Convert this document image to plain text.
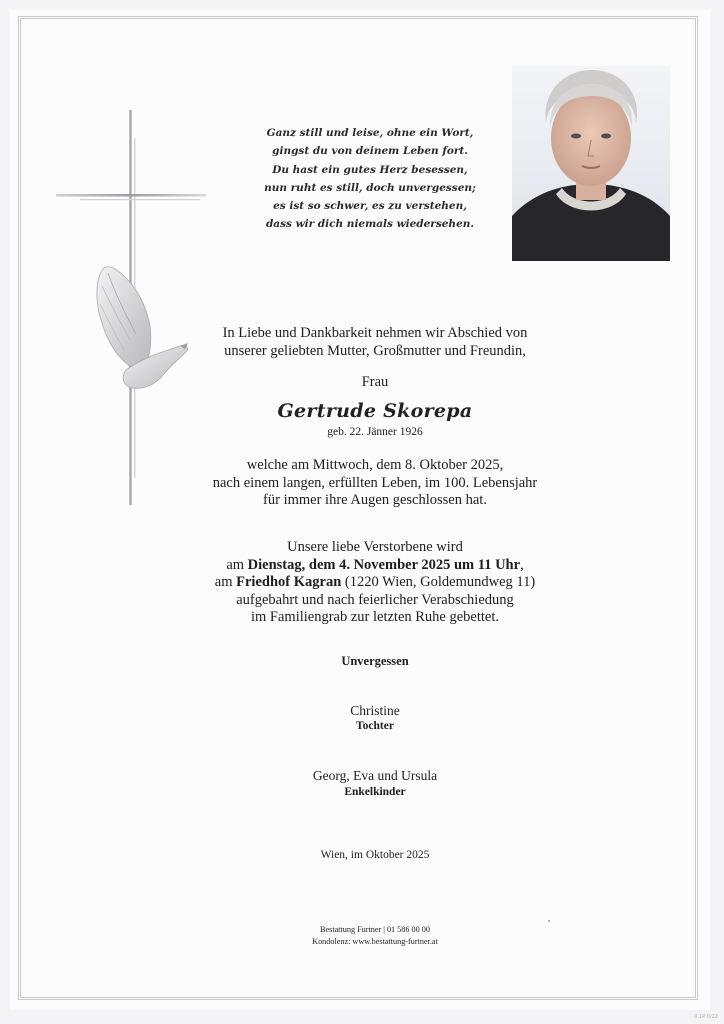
Ganz still und leise, ohne ein Wort,
gingst du von deinem Leben fort.
Du hast ein gutes Herz besessen,
nun ruht es still, doch unvergessen;
es ist so schwer, es zu verstehen,
dass wir dich niemals wiedersehen.
In Liebe und Dankbarkeit nehmen wir Abschied von
unserer geliebten Mutter, Großmutter und Freundin,
Frau
Gertrude Skorepa
geb. 22. Jänner 1926
welche am Mittwoch, dem 8. Oktober 2025,
nach einem langen, erfüllten Leben, im 100. Lebensjahr
für immer ihre Augen geschlossen hat.
Unsere liebe Verstorbene wird
am Dienstag, dem 4. November 2025 um 11 Uhr,
am Friedhof Kagran (1220 Wien, Goldemundweg 11)
aufgebahrt und nach feierlicher Verabschiedung
im Familiengrab zur letzten Ruhe gebettet.
Unvergessen
Christine
Tochter
Georg, Eva und Ursula
Enkelkinder
Wien, im Oktober 2025
Bestattung Furtner | 01 586 00 00
Kondolenz: www.bestattung-furtner.at
0.1P 0/22
